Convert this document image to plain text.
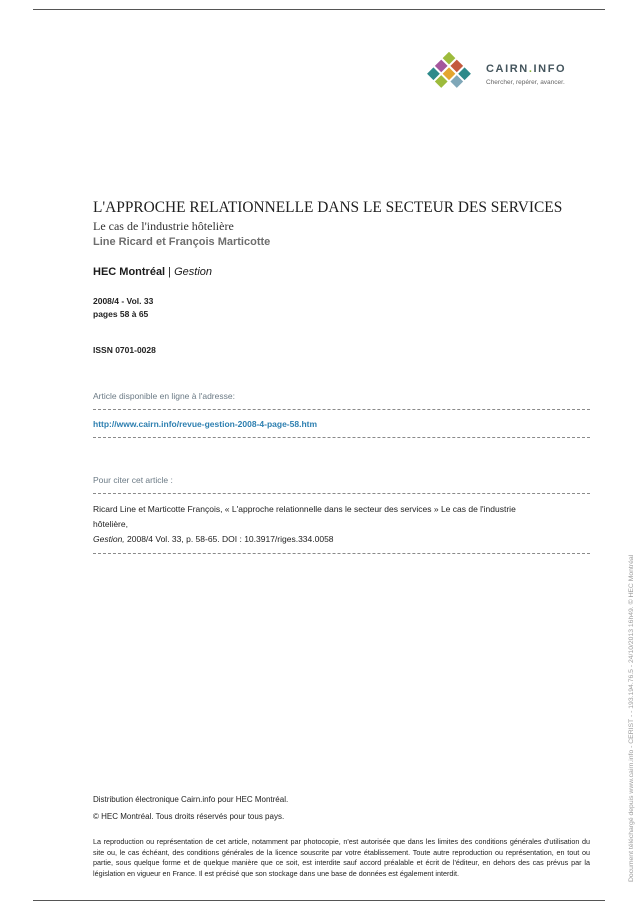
CAIRN.INFO
Chercher, repérer, avancer.
L'APPROCHE RELATIONNELLE DANS LE SECTEUR DES SERVICES
Le cas de l'industrie hôtelière
Line Ricard et François Marticotte
HEC Montréal | Gestion
2008/4 - Vol. 33
pages 58 à 65
ISSN 0701-0028
Article disponible en ligne à l'adresse:
http://www.cairn.info/revue-gestion-2008-4-page-58.htm
Pour citer cet article :
Ricard Line et Marticotte François, « L'approche relationnelle dans le secteur des services » Le cas de l'industrie
hôtelière,
Gestion, 2008/4 Vol. 33, p. 58-65. DOI : 10.3917/riges.334.0058
Distribution électronique Cairn.info pour HEC Montréal.
© HEC Montréal. Tous droits réservés pour tous pays.
La reproduction ou représentation de cet article, notamment par photocopie, n'est autorisée que dans les limites des conditions générales d'utilisation du site ou, le cas échéant, des conditions générales de la licence souscrite par votre établissement. Toute autre reproduction ou représentation, en tout ou partie, sous quelque forme et de quelque manière que ce soit, est interdite sauf accord préalable et écrit de l'éditeur, en dehors des cas prévus par la législation en vigueur en France. Il est précisé que son stockage dans une base de données est également interdit.	Document téléchargé depuis www.cairn.info - CERIST - - 193.194.76.5 - 24/10/2013 16h49. © HEC Montréal
